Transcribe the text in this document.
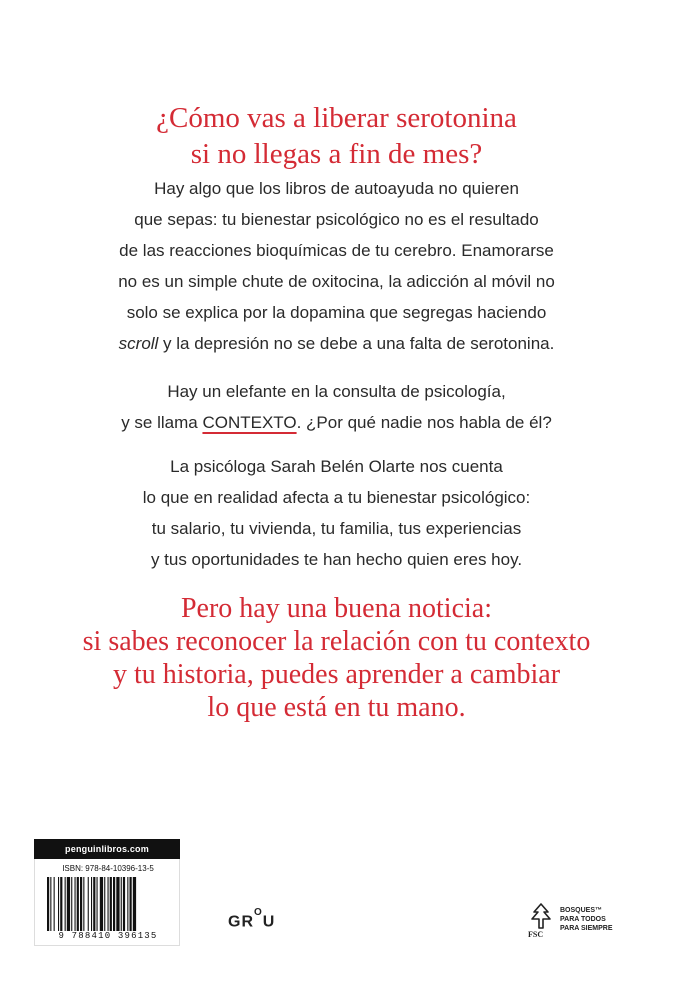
¿Cómo vas a liberar serotonina
si no llegas a fin de mes?
Hay algo que los libros de autoayuda no quieren
que sepas: tu bienestar psicológico no es el resultado
de las reacciones bioquímicas de tu cerebro. Enamorarse
no es un simple chute de oxitocina, la adicción al móvil no
solo se explica por la dopamina que segregas haciendo
scroll y la depresión no se debe a una falta de serotonina.
Hay un elefante en la consulta de psicología,
y se llama CONTEXTO. ¿Por qué nadie nos habla de él?
La psicóloga Sarah Belén Olarte nos cuenta
lo que en realidad afecta a tu bienestar psicológico:
tu salario, tu vivienda, tu familia, tus experiencias
y tus oportunidades te han hecho quien eres hoy.
Pero hay una buena noticia:
si sabes reconocer la relación con tu contexto
y tu historia, puedes aprender a cambiar
lo que está en tu mano.
penguinlibros.com
ISBN: 978-84-10396-13-5
9 788410 396135
$GR^OU$
FSC
BOSQUES™
PARA TODOS
PARA SIEMPRE
